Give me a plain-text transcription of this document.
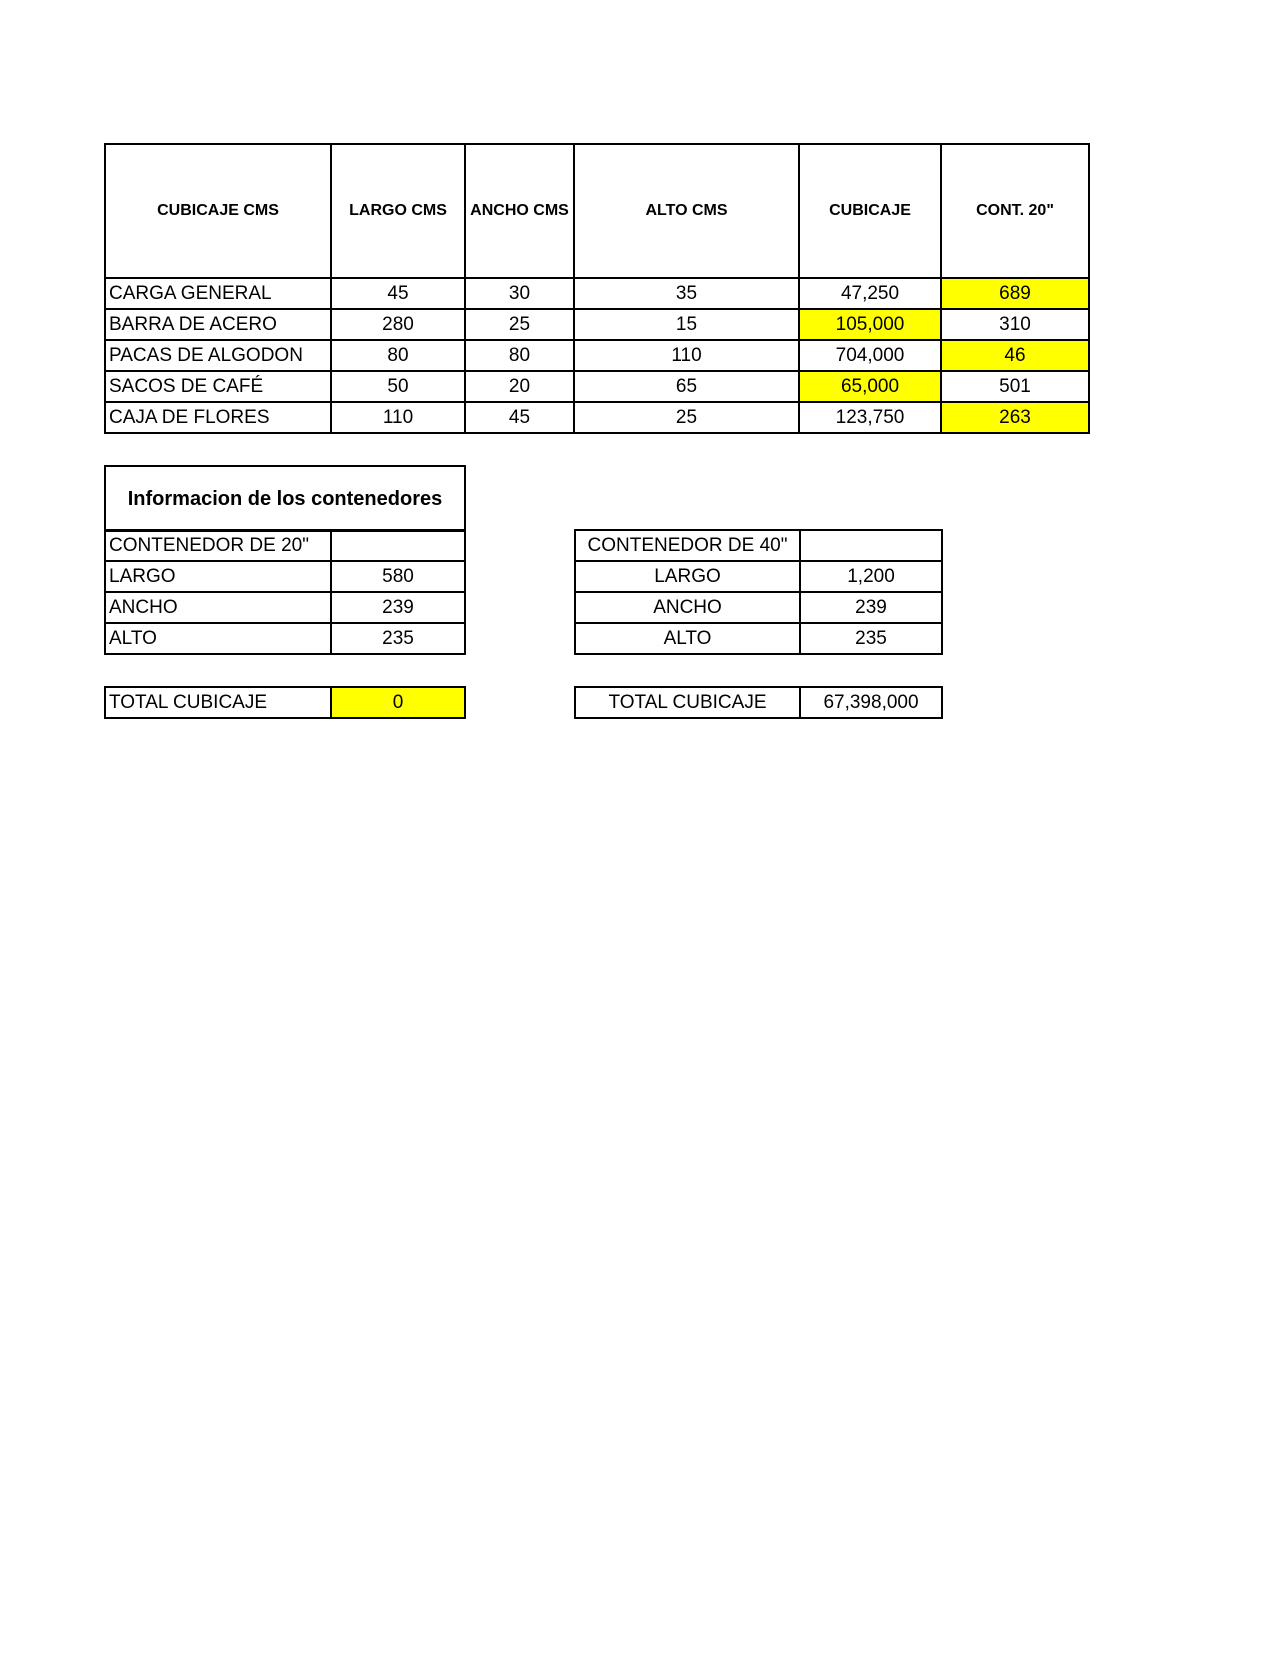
CUBICAJE CMS	LARGO CMS	ANCHO CMS	ALTO CMS	CUBICAJE	CONT. 20"
CARGA GENERAL	45	30	35	47,250	689
BARRA DE ACERO	280	25	15	105,000	310
PACAS DE ALGODON	80	80	110	704,000	46
SACOS DE CAFÉ	50	20	65	65,000	501
CAJA DE FLORES	110	45	25	123,750	263
Informacion de los contenedores
CONTENEDOR DE 20"	
LARGO	580
ANCHO	239
ALTO	235
CONTENEDOR DE 40"	
LARGO	1,200
ANCHO	239
ALTO	235
TOTAL CUBICAJE	0	TOTAL CUBICAJE	67,398,000
